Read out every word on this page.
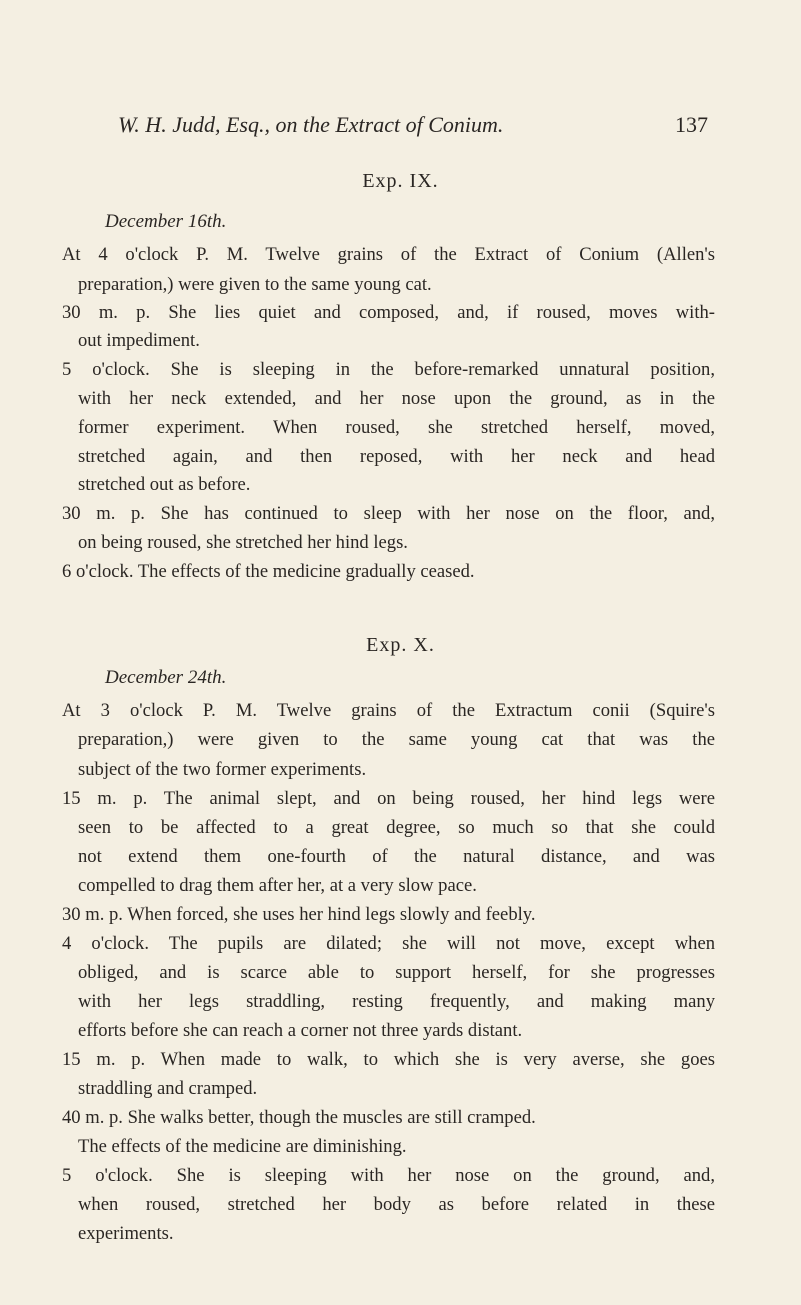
W. H. Judd, Esq., on the Extract of Conium.	137
Exp. IX.
December 16th.
At 4 o'clock P. M. Twelve grains of the Extract of Conium (Allen's
preparation,) were given to the same young cat.
30 m. p. She lies quiet and composed, and, if roused, moves with-
out impediment.
5 o'clock. She is sleeping in the before-remarked unnatural position,
with her neck extended, and her nose upon the ground, as in the
former experiment. When roused, she stretched herself, moved,
stretched again, and then reposed, with her neck and head
stretched out as before.
30 m. p. She has continued to sleep with her nose on the floor, and,
on being roused, she stretched her hind legs.
6 o'clock. The effects of the medicine gradually ceased.
Exp. X.
December 24th.
At 3 o'clock P. M. Twelve grains of the Extractum conii (Squire's
preparation,) were given to the same young cat that was the
subject of the two former experiments.
15 m. p. The animal slept, and on being roused, her hind legs were
seen to be affected to a great degree, so much so that she could
not extend them one-fourth of the natural distance, and was
compelled to drag them after her, at a very slow pace.
30 m. p. When forced, she uses her hind legs slowly and feebly.
4 o'clock. The pupils are dilated; she will not move, except when
obliged, and is scarce able to support herself, for she progresses
with her legs straddling, resting frequently, and making many
efforts before she can reach a corner not three yards distant.
15 m. p. When made to walk, to which she is very averse, she goes
straddling and cramped.
40 m. p. She walks better, though the muscles are still cramped.
The effects of the medicine are diminishing.
5 o'clock. She is sleeping with her nose on the ground, and,
when roused, stretched her body as before related in these
experiments.
